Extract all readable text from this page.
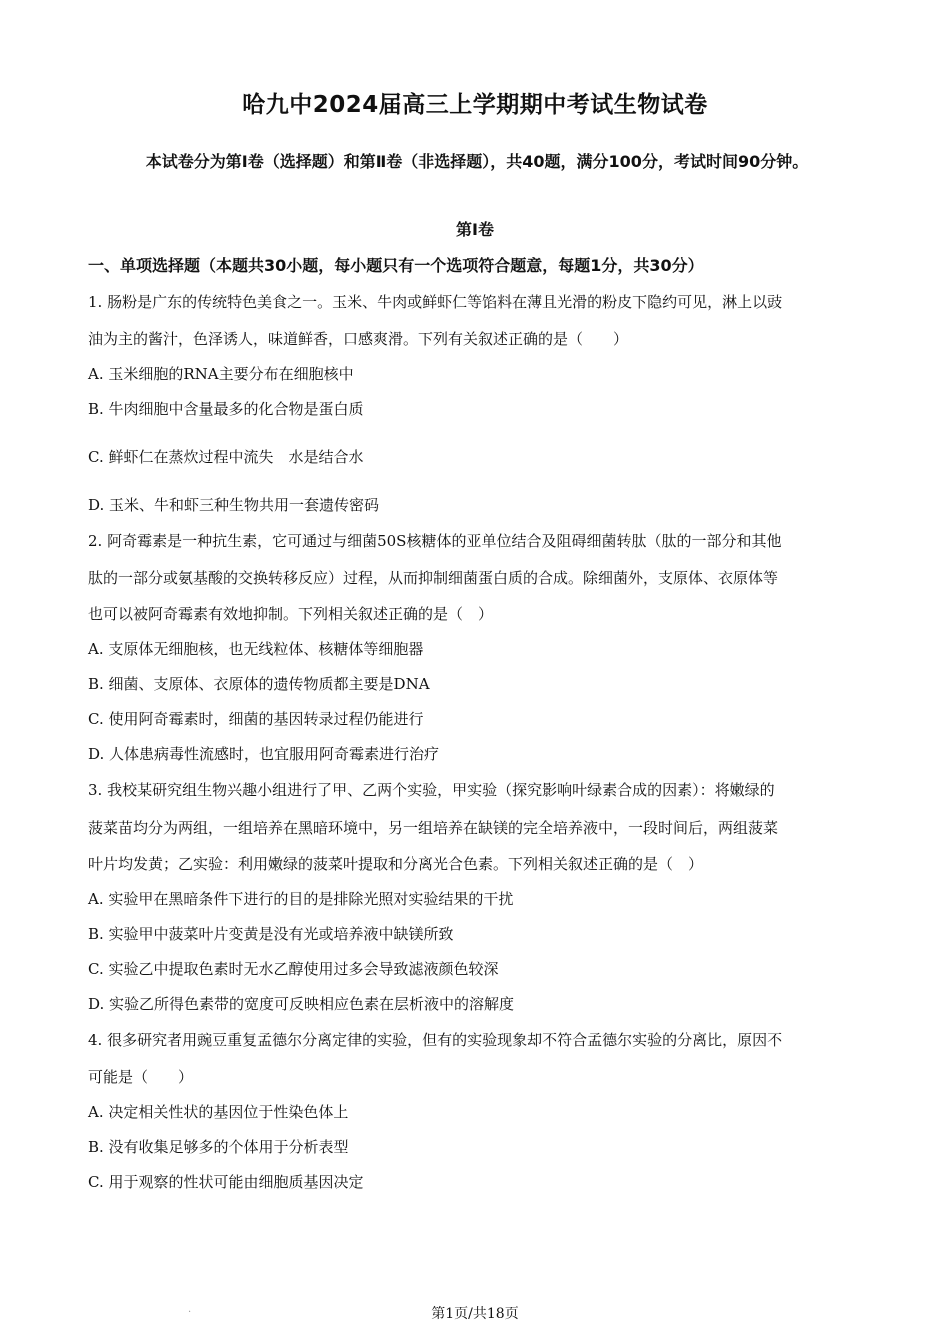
哈九中2024届高三上学期期中考试生物试卷
本试卷分为第Ⅰ卷（选择题）和第Ⅱ卷（非选择题），共40题，满分100分，考试时间90分钟。
第Ⅰ卷
一、单项选择题（本题共30小题，每小题只有一个选项符合题意，每题1分，共30分）
1. 肠粉是广东的传统特色美食之一。玉米、牛肉或鲜虾仁等馅料在薄且光滑的粉皮下隐约可见，淋上以豉
油为主的酱汁，色泽诱人，味道鲜香，口感爽滑。下列有关叙述正确的是（　　）
A. 玉米细胞的RNA主要分布在细胞核中
B. 牛肉细胞中含量最多的化合物是蛋白质
C. 鲜虾仁在蒸炊过程中流失　水是结合水
D. 玉米、牛和虾三种生物共用一套遗传密码
2. 阿奇霉素是一种抗生素，它可通过与细菌50S核糖体的亚单位结合及阻碍细菌转肽（肽的一部分和其他
肽的一部分或氨基酸的交换转移反应）过程，从而抑制细菌蛋白质的合成。除细菌外，支原体、衣原体等
也可以被阿奇霉素有效地抑制。下列相关叙述正确的是（　）
A. 支原体无细胞核，也无线粒体、核糖体等细胞器
B. 细菌、支原体、衣原体的遗传物质都主要是DNA
C. 使用阿奇霉素时，细菌的基因转录过程仍能进行
D. 人体患病毒性流感时，也宜服用阿奇霉素进行治疗
3. 我校某研究组生物兴趣小组进行了甲、乙两个实验，甲实验（探究影响叶绿素合成的因素）：将嫩绿的
菠菜苗均分为两组，一组培养在黑暗环境中，另一组培养在缺镁的完全培养液中，一段时间后，两组菠菜
叶片均发黄；乙实验：利用嫩绿的菠菜叶提取和分离光合色素。下列相关叙述正确的是（　）
A. 实验甲在黑暗条件下进行的目的是排除光照对实验结果的干扰
B. 实验甲中菠菜叶片变黄是没有光或培养液中缺镁所致
C. 实验乙中提取色素时无水乙醇使用过多会导致滤液颜色较深
D. 实验乙所得色素带的宽度可反映相应色素在层析液中的溶解度
4. 很多研究者用豌豆重复孟德尔分离定律的实验，但有的实验现象却不符合孟德尔实验的分离比，原因不
可能是（　　）
A. 决定相关性状的基因位于性染色体上
B. 没有收集足够多的个体用于分析表型
C. 用于观察的性状可能由细胞质基因决定
.	第1页/共18页
